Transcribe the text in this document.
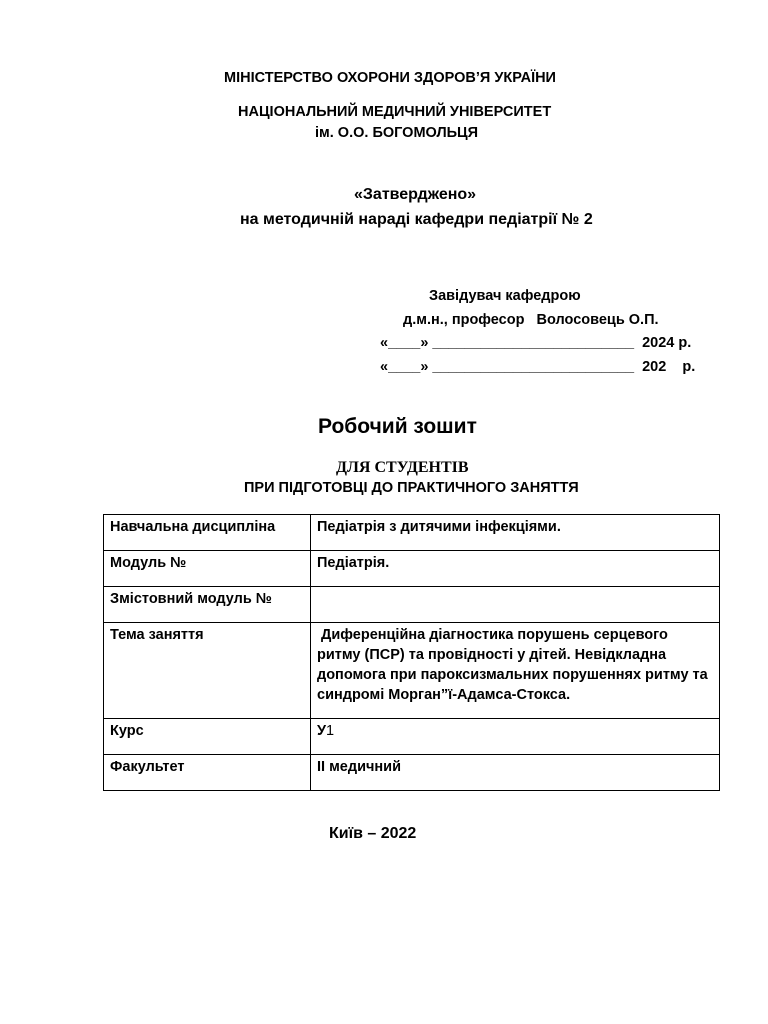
МІНІСТЕРСТВО ОХОРОНИ ЗДОРОВ’Я УКРАЇНИ
НАЦІОНАЛЬНИЙ МЕДИЧНИЙ УНІВЕРСИТЕТ
ім. О.О. БОГОМОЛЬЦЯ
«Затверджено»
на методичній нараді кафедри педіатрії № 2
Завідувач кафедрою
д.м.н., професор   Волосовець О.П.
«____» _________________________  2024 р.
«____» _________________________  202    р.
Робочий зошит
ДЛЯ СТУДЕНТІВ
ПРИ ПІДГОТОВЦІ ДО ПРАКТИЧНОГО ЗАНЯТТЯ
Навчальна дисципліна	Педіатрія з дитячими інфекціями.
Модуль №	Педіатрія.
Змістовний модуль №	
Тема заняття	Диференційна діагностика порушень серцевого ритму (ПСР) та провідності у дітей. Невідкладна допомога при пароксизмальних порушеннях ритму та синдромі Морган”ї-Адамса-Стокса.
Курс	У1
Факультет	ІІ медичний
Київ – 2022
